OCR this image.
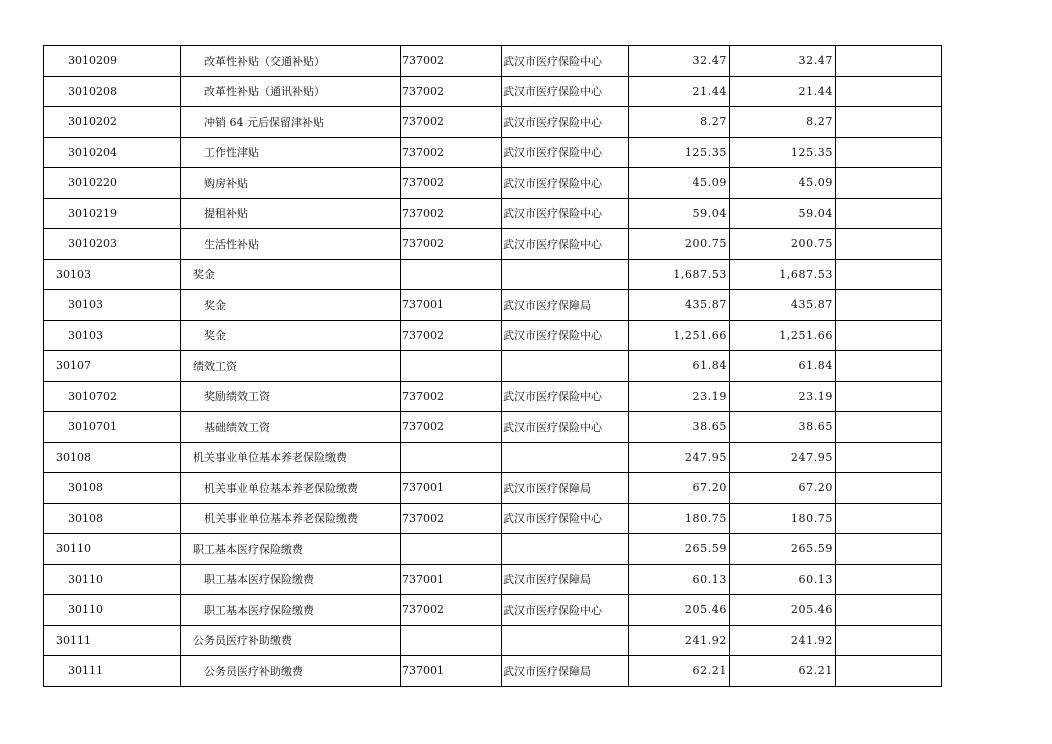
3010209	改革性补贴（交通补贴）	737002	武汉市医疗保险中心	32.47	32.47	
3010208	改革性补贴（通讯补贴）	737002	武汉市医疗保险中心	21.44	21.44	
3010202	冲销 64 元后保留津补贴	737002	武汉市医疗保险中心	8.27	8.27	
3010204	工作性津贴	737002	武汉市医疗保险中心	125.35	125.35	
3010220	购房补贴	737002	武汉市医疗保险中心	45.09	45.09	
3010219	提租补贴	737002	武汉市医疗保险中心	59.04	59.04	
3010203	生活性补贴	737002	武汉市医疗保险中心	200.75	200.75	
30103	奖金			1,687.53	1,687.53	
30103	奖金	737001	武汉市医疗保障局	435.87	435.87	
30103	奖金	737002	武汉市医疗保险中心	1,251.66	1,251.66	
30107	绩效工资			61.84	61.84	
3010702	奖励绩效工资	737002	武汉市医疗保险中心	23.19	23.19	
3010701	基础绩效工资	737002	武汉市医疗保险中心	38.65	38.65	
30108	机关事业单位基本养老保险缴费			247.95	247.95	
30108	机关事业单位基本养老保险缴费	737001	武汉市医疗保障局	67.20	67.20	
30108	机关事业单位基本养老保险缴费	737002	武汉市医疗保险中心	180.75	180.75	
30110	职工基本医疗保险缴费			265.59	265.59	
30110	职工基本医疗保险缴费	737001	武汉市医疗保障局	60.13	60.13	
30110	职工基本医疗保险缴费	737002	武汉市医疗保险中心	205.46	205.46	
30111	公务员医疗补助缴费			241.92	241.92	
30111	公务员医疗补助缴费	737001	武汉市医疗保障局	62.21	62.21	
